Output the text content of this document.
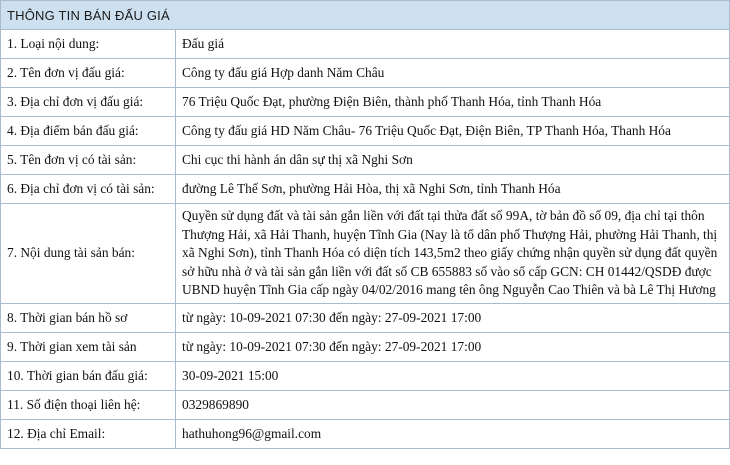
THÔNG TIN BÁN ĐẤU GIÁ	
1. Loại nội dung:	Đấu giá
2. Tên đơn vị đấu giá:	Công ty đấu giá Hợp danh Năm Châu
3. Địa chỉ đơn vị đấu giá:	76 Triệu Quốc Đạt, phường Điện Biên, thành phố Thanh Hóa, tỉnh Thanh Hóa
4. Địa điểm bán đấu giá:	Công ty đấu giá HD Năm Châu- 76 Triệu Quốc Đạt, Điện Biên, TP Thanh Hóa, Thanh Hóa
5. Tên đơn vị có tài sản:	Chi cục thi hành án dân sự thị xã Nghi Sơn
6. Địa chỉ đơn vị có tài sản:	đường Lê Thế Sơn, phường Hải Hòa, thị xã Nghi Sơn, tỉnh Thanh Hóa
7. Nội dung tài sản bán:	Quyền sử dụng đất và tài sản gắn liền với đất tại thửa đất số 99A, tờ bản đồ số 09, địa chỉ tại thôn Thượng Hải, xã Hải Thanh, huyện Tĩnh Gia (Nay là tổ dân phố Thượng Hải, phường Hải Thanh, thị xã Nghi Sơn), tỉnh Thanh Hóa có diện tích 143,5m2 theo giấy chứng nhận quyền sử dụng đất quyền sở hữu nhà ở và tài sản gắn liền với đất số CB 655883 số vào sổ cấp GCN: CH 01442/QSDĐ được UBND huyện Tĩnh Gia cấp ngày 04/02/2016 mang tên ông Nguyễn Cao Thiên và bà Lê Thị Hương
8. Thời gian bán hồ sơ	từ ngày: 10-09-2021 07:30 đến ngày: 27-09-2021 17:00
9. Thời gian xem tài sản	từ ngày: 10-09-2021 07:30 đến ngày: 27-09-2021 17:00
10. Thời gian bán đấu giá:	30-09-2021 15:00
11. Số điện thoại liên hệ:	0329869890
12. Địa chỉ Email:	hathuhong96@gmail.com
